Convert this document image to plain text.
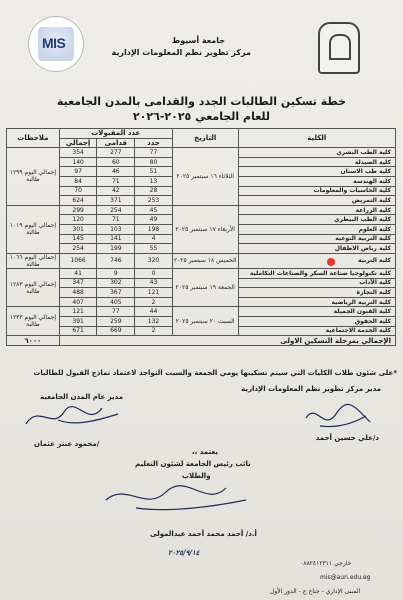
MIS	جامعة أسيوط
مركز تطوير نظم المعلومات الإدارية
خطة تسكين الطالبات الجدد والقدامى بالمدن الجامعية
للعام الجامعي ٢٠٢٥-٢٠٢٦
ملاحظات	عدد المقبولات			التاريخ	الكلية
	إجمالي	قدامى	جدد		
إجمالي اليوم ١٢٩٩ طالبة	354	277	77	الثلاثاء ١٦ سبتمبر ٢٠٢٥	كلية الطب البشري
	140	60	80		كلية الصيدلة
	97	46	51		كلية طب الاسنان
	84	71	13		كلية الهندسة
	70	42	28		كلية الحاسبات والمعلومات
	624	371	253		كلية التمريض
إجمالي اليوم ١٠١٩ طالبة	299	254	45	الأربعاء ١٧ سبتمبر ٢٠٢٥	كلية الزراعة
	120	71	49		كلية الطب البيطري
	301	103	198		كلية العلوم
	145	141	4		كلية التربية النوعية
	254	199	55		كلية رياض الاطفال
إجمالي اليوم ١٠٦٦ طالبة	1066	746	320	الخميس ١٨ سبتمبر ٢٠٢٥	كلية التربية
إجمالي اليوم ١٢٨٣ طالبة	41	9	0	الجمعة ١٩ سبتمبر ٢٠٢٥	كلية تكنولوجيا صناعة السكر والصناعات التكاملية
	347	302	43		كلية الآداب
	488	367	121		كلية التجارة
	407	405	2		كلية التربية الرياضية
إجمالي اليوم ١٢٣٣ طالبة	121	77	44	السبت ٢٠ سبتمبر ٢٠٢٥	كلية الفنون الجميلة
	391	259	132		كلية الحقوق
	671	669	2		كلية الخدمة الاجتماعية
٦٠٠٠	الإجمالي بمرحلة التسكين الاولى				
*على شئون طلاب الكليات التي سيتم تسكينها يومي الجمعة والسبت التواجد لاعتماد نماذج القبول للطالبات
مدير مركز تطوير نظم المعلومات الإدارية
مدير عام المدن الجامعية
/محمود عنتر عثمان
د/علي حسين أحمد
يعتمد ،،
نائب رئيس الجامعة لشئون التعليم
والطلاب
أ.د/ أحمد محمد أحمد عبدالمولى
٢٠٢٥/٩/١٤
خارجي ٠٨٨٢٤١٢٣١١
mis@aun.edu.eg
المبنى الإداري - جناح ج - الدور الأول
